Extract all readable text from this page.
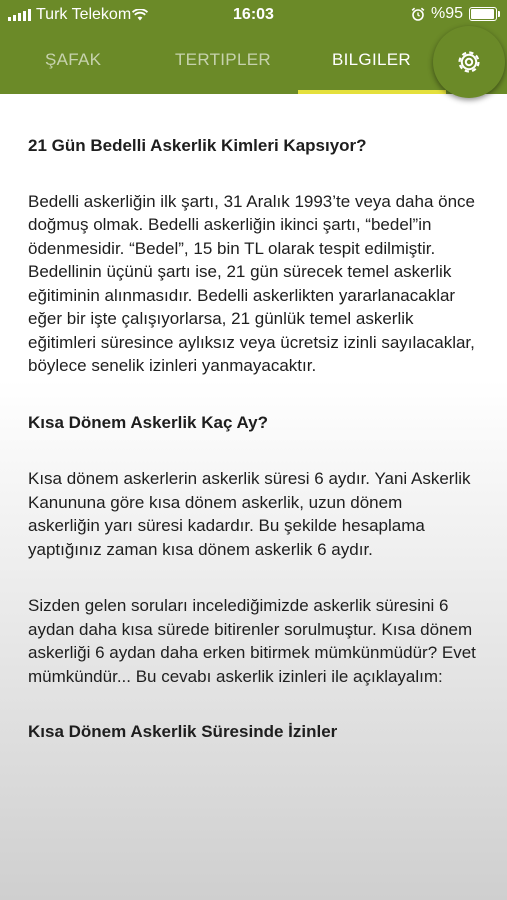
Turk Telekom	16:03	%95
ŞAFAK	TERTIPLER	BILGILER
21 Gün Bedelli Askerlik Kimleri Kapsıyor?

Bedelli askerliğin ilk şartı, 31 Aralık 1993’te veya daha önce doğmuş olmak. Bedelli askerliğin ikinci şartı, “bedel”in ödenmesidir. “Bedel”, 15 bin TL olarak tespit edilmiştir. Bedellinin üçünü şartı ise, 21 gün sürecek temel askerlik eğitiminin alınmasıdır. Bedelli askerlikten yararlanacaklar eğer bir işte çalışıyorlarsa, 21 günlük temel askerlik eğitimleri süresince aylıksız veya ücretsiz izinli sayılacaklar, böylece senelik izinleri yanmayacaktır.

Kısa Dönem Askerlik Kaç Ay?

Kısa dönem askerlerin askerlik süresi 6 aydır. Yani Askerlik Kanununa göre kısa dönem askerlik, uzun dönem askerliğin yarı süresi kadardır. Bu şekilde hesaplama yaptığınız zaman kısa dönem askerlik 6 aydır.

Sizden gelen soruları incelediğimizde askerlik süresini 6 aydan daha kısa sürede bitirenler sorulmuştur. Kısa dönem askerliği 6 aydan daha erken bitirmek mümkünmüdür? Evet mümkündür... Bu cevabı askerlik izinleri ile açıklayalım:

Kısa Dönem Askerlik Süresinde İzinler
